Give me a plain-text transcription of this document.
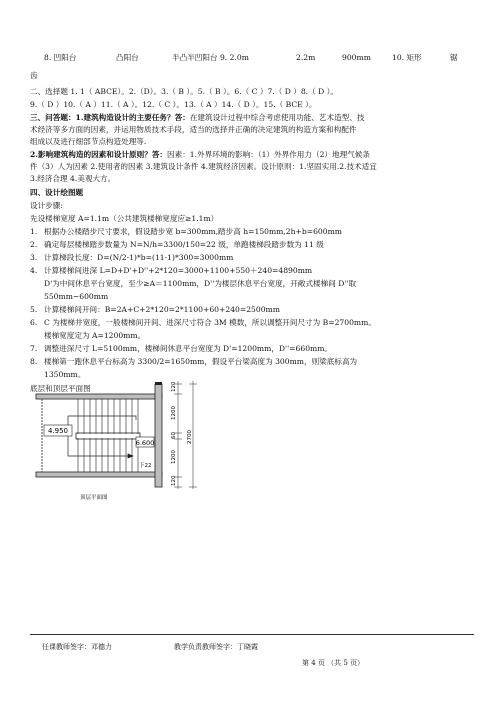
8. 凹阳台	凸阳台	半凸半凹阳台 9. 2.0m	2.2m	900mm	10. 矩形	锯
齿
二、选择题 1. 1（ ABCE）。2.（D）。3.（ B ）。5.（ B ）。6.（ C ）7.（ D ）8.（ D ）。
9.（ D ）10.（ A ）11.（ A ）。12.（ C ）。13.（ A ）14.（ D ）。15.（ BCE ）。
三、问答题：1.建筑构造设计的主要任务？答：在建筑设计过程中综合考虑使用功能、艺术造型、技
术经济等多方面的因素，并运用物质技术手段，适当的选择并正确的决定建筑的构造方案和构配件
组成以及进行细部节点构造处理等.
2.影响建筑构造的因素和设计原则？答：因素：1.外界环境的影响：（1）外界作用力（2）地理气候条
件（3）人为因素 2.使用者的因素 3.建筑设计条件 4.建筑经济因素。设计原则：1.坚固实用.2.技术适宜
3.经济合理 4.美观大方。
四、设计绘图题
设计步骤:
先设楼梯宽度 A=1.1m（公共建筑楼梯宽度应≥1.1m）
1. 根据办公楼踏步尺寸要求，假设踏步宽 b=300mm,踏步高 h=150mm,2h+b=600mm
2. 确定每层楼梯踏步数量为 N=N/h=3300/150=22 级，单跑楼梯段踏步数为 11 级
3. 计算梯段长度：D=(N/2-1)*b=(11-1)*300=3000mm
4. 计算楼梯间进深 L=D+D'+D''+2*120=3000+1100+550＋240=4890mm
D'为中间休息平台宽度，至少≥A＝1100mm，D''为楼层休息平台宽度，开敞式楼梯间 D''取
550mm~600mm
5. 计算楼梯间开间：B=2A+C+2*120=2*1100+60+240=2500mm
6. C 为楼梯井宽度，一般楼梯间开间、进深尺寸符合 3M 模数，所以调整开间尺寸为 B=2700mm。
楼梯宽度定为 A=1200mm。
7. 调整进深尺寸 L=5100mm，楼梯间休息平台宽度为 D'=1200mm，D''=660mm。
8. 楼梯第一跑休息平台标高为 3300/2=1650mm，假设平台梁高度为 300mm，则梁底标高为
1350mm。
底层和顶层平面图
4.950
6.600
下22
120
1200
60
1200
120
2700
顶层平面图
任课教师签字：邓德力	教学负责教师签字：丁晓霞
第 4 页 （共 5 页）
